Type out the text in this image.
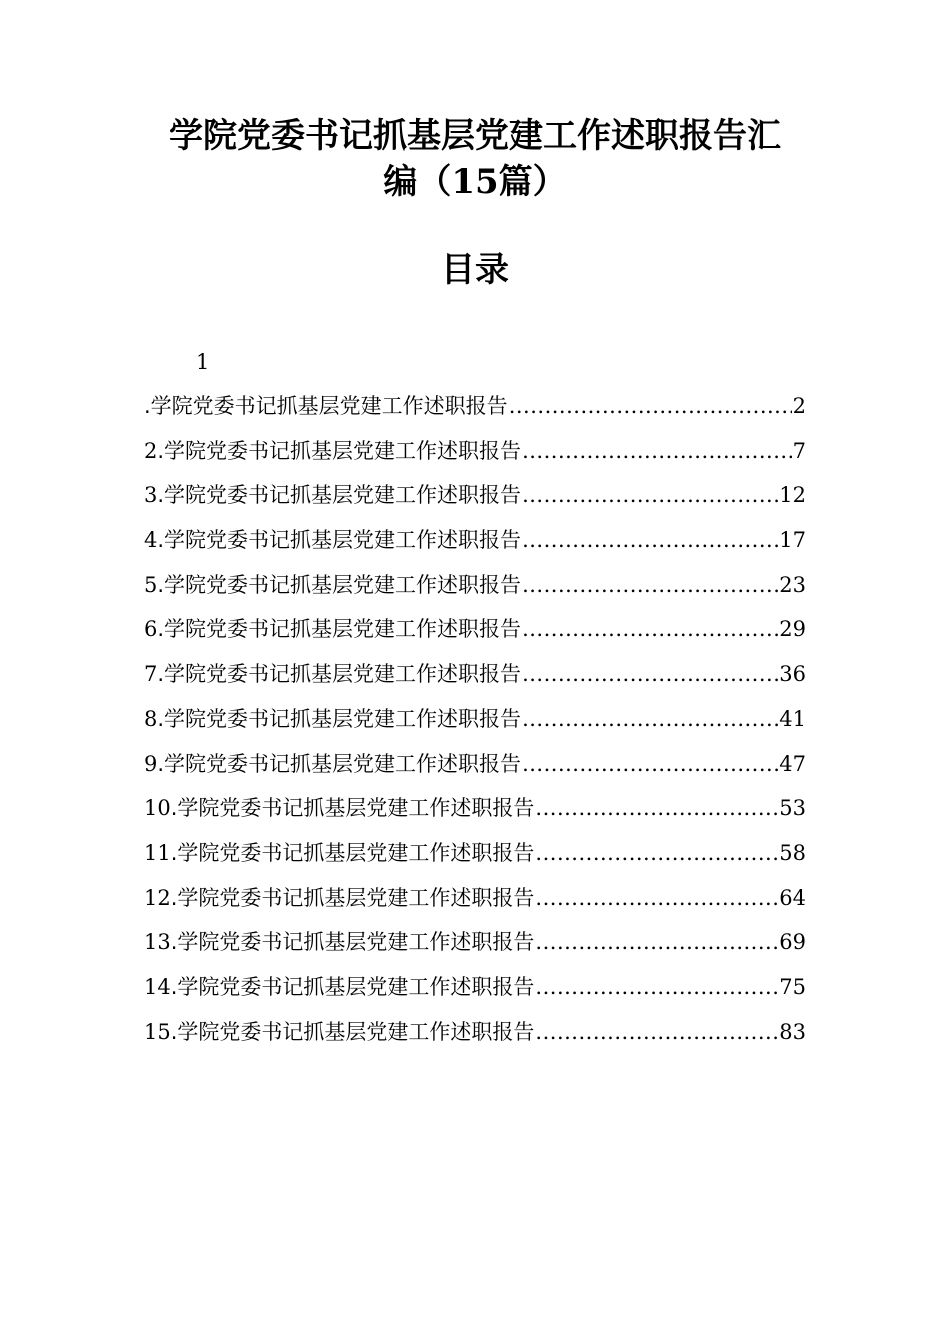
学院党委书记抓基层党建工作述职报告汇
编（15篇）
目录
1
.学院党委书记抓基层党建工作述职报告 .....	2
2.学院党委书记抓基层党建工作述职报告 .....	7
3.学院党委书记抓基层党建工作述职报告 .....	12
4.学院党委书记抓基层党建工作述职报告 .....	17
5.学院党委书记抓基层党建工作述职报告 .....	23
6.学院党委书记抓基层党建工作述职报告 .....	29
7.学院党委书记抓基层党建工作述职报告 .....	36
8.学院党委书记抓基层党建工作述职报告 .....	41
9.学院党委书记抓基层党建工作述职报告 .....	47
10.学院党委书记抓基层党建工作述职报告 .....	53
11.学院党委书记抓基层党建工作述职报告 .....	58
12.学院党委书记抓基层党建工作述职报告 .....	64
13.学院党委书记抓基层党建工作述职报告 .....	69
14.学院党委书记抓基层党建工作述职报告 .....	75
15.学院党委书记抓基层党建工作述职报告 .....	83
